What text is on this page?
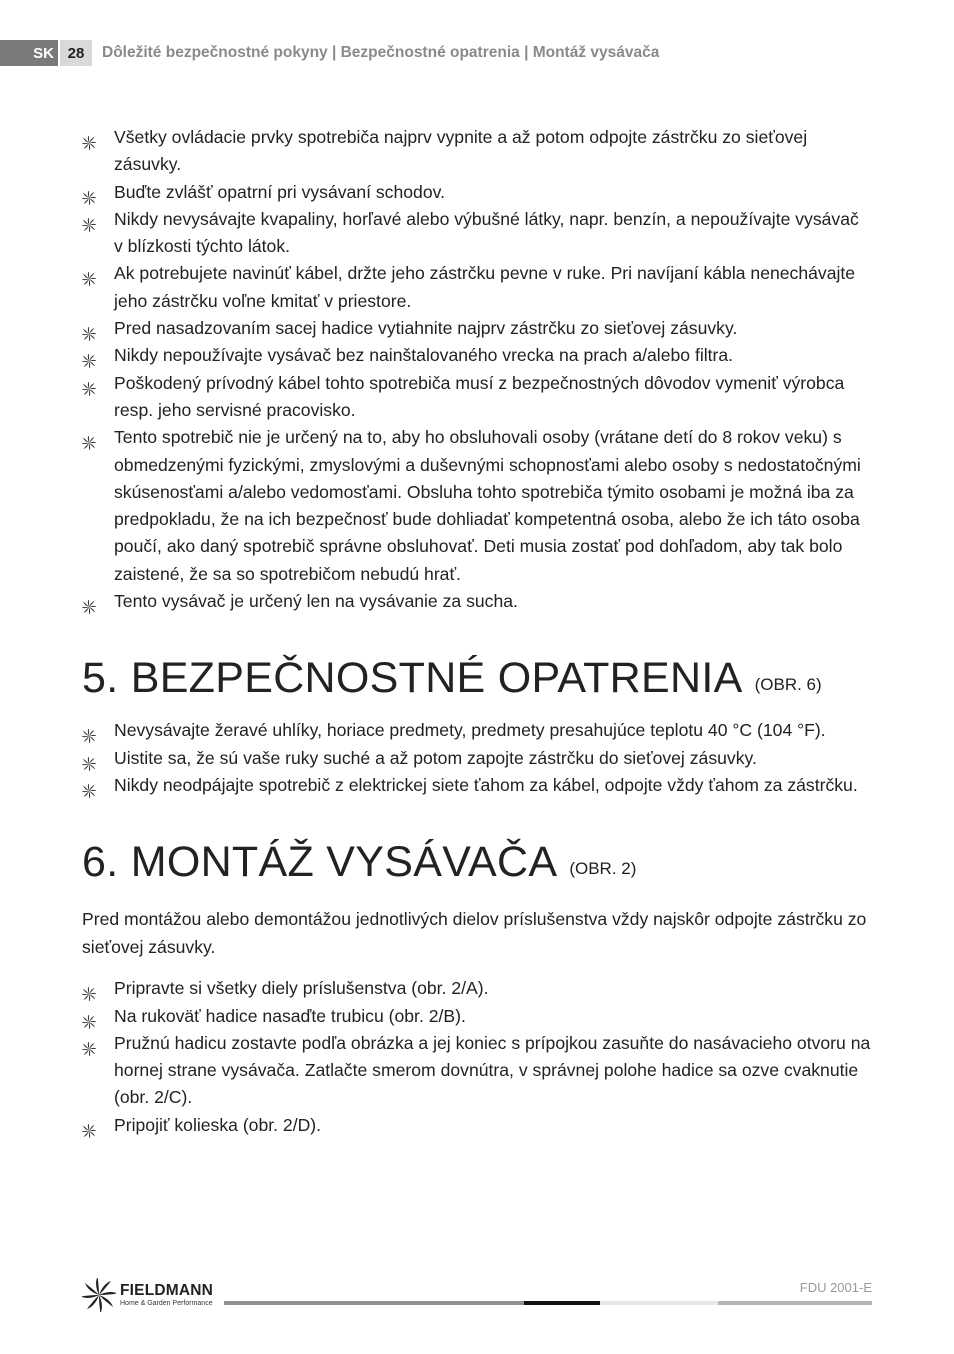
SK 28	Dôležité bezpečnostné pokyny | Bezpečnostné opatrenia | Montáž vysávača
Všetky ovládacie prvky spotrebiča najprv vypnite a až potom odpojte zástrčku zo sieťovej zásuvky.
Buďte zvlášť opatrní pri vysávaní schodov.
Nikdy nevysávajte kvapaliny, horľavé alebo výbušné látky, napr. benzín, a nepoužívajte vysávač v blízkosti týchto látok.
Ak potrebujete navinúť kábel, držte jeho zástrčku pevne v ruke. Pri navíjaní kábla nenechávajte jeho zástrčku voľne kmitať v priestore.
Pred nasadzovaním sacej hadice vytiahnite najprv zástrčku zo sieťovej zásuvky.
Nikdy nepoužívajte vysávač bez nainštalovaného vrecka na prach a/alebo filtra.
Poškodený prívodný kábel tohto spotrebiča musí z bezpečnostných dôvodov vymeniť výrobca resp. jeho servisné pracovisko.
Tento spotrebič nie je určený na to, aby ho obsluhovali osoby (vrátane detí do 8 rokov veku) s obmedzenými fyzickými, zmyslovými a duševnými schopnosťami alebo osoby s nedostatočnými skúsenosťami a/alebo vedomosťami. Obsluha tohto spotrebiča týmito osobami je možná iba za predpokladu, že na ich bezpečnosť bude dohliadať kompetentná osoba, alebo že ich táto osoba poučí, ako daný spotrebič správne obsluhovať. Deti musia zostať pod dohľadom, aby tak bolo zaistené, že sa so spotrebičom nebudú hrať.
Tento vysávač je určený len na vysávanie za sucha.
5. BEZPEČNOSTNÉ OPATRENIA (OBR. 6)
Nevysávajte žeravé uhlíky, horiace predmety, predmety presahujúce teplotu 40 °C (104 °F).
Uistite sa, že sú vaše ruky suché a až potom zapojte zástrčku do sieťovej zásuvky.
Nikdy neodpájajte spotrebič z elektrickej siete ťahom za kábel, odpojte vždy ťahom za zástrčku.
6. MONTÁŽ VYSÁVAČA (OBR. 2)

Pred montážou alebo demontážou jednotlivých dielov príslušenstva vždy najskôr odpojte zástrčku zo sieťovej zásuvky.

Pripravte si všetky diely príslušenstva (obr. 2/A).
Na rukoväť hadice nasaďte trubicu (obr. 2/B).
Pružnú hadicu zostavte podľa obrázka a jej koniec s prípojkou zasuňte do nasávacieho otvoru na hornej strane vysávača. Zatlačte smerom dovnútra, v správnej polohe hadice sa ozve cvaknutie (obr. 2/C).
Pripojiť kolieska (obr. 2/D).
FIELDMANN
Home & Garden Performance
FDU 2001-E
